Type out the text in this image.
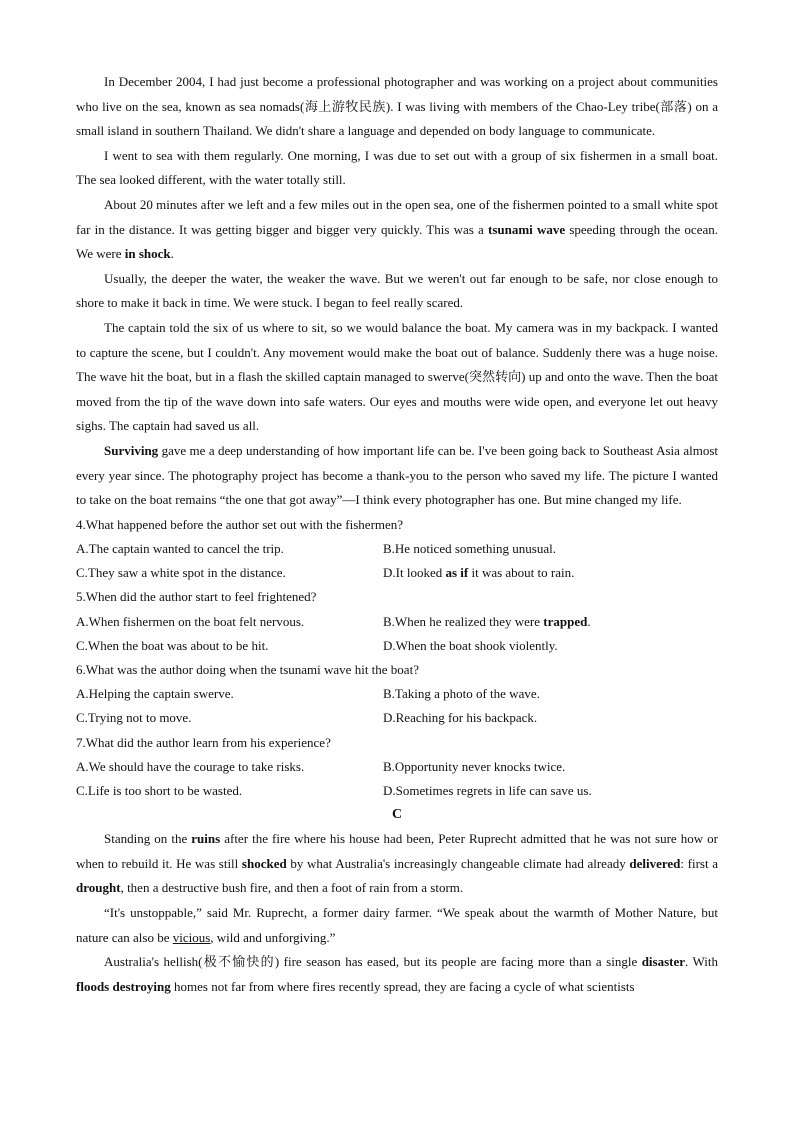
In December 2004, I had just become a professional photographer and was working on a project about communities who live on the sea, known as sea nomads(海上游牧民族). I was living with members of the Chao-Ley tribe(部落) on a small island in southern Thailand. We didn't share a language and depended on body language to communicate.

I went to sea with them regularly. One morning, I was due to set out with a group of six fishermen in a small boat. The sea looked different, with the water totally still.

About 20 minutes after we left and a few miles out in the open sea, one of the fishermen pointed to a small white spot far in the distance. It was getting bigger and bigger very quickly. This was a tsunami wave speeding through the ocean. We were in shock.

Usually, the deeper the water, the weaker the wave. But we weren't out far enough to be safe, nor close enough to shore to make it back in time. We were stuck. I began to feel really scared.

The captain told the six of us where to sit, so we would balance the boat. My camera was in my backpack. I wanted to capture the scene, but I couldn't. Any movement would make the boat out of balance. Suddenly there was a huge noise. The wave hit the boat, but in a flash the skilled captain managed to swerve(突然转向) up and onto the wave. Then the boat moved from the tip of the wave down into safe waters. Our eyes and mouths were wide open, and everyone let out heavy sighs. The captain had saved us all.

Surviving gave me a deep understanding of how important life can be. I've been going back to Southeast Asia almost every year since. The photography project has become a thank-you to the person who saved my life. The picture I wanted to take on the boat remains “the one that got away”—I think every photographer has one. But mine changed my life.

4.What happened before the author set out with the fishermen?

A.The captain wanted to cancel the trip.	B.He noticed something unusual.
C.They saw a white spot in the distance.	D.It looked as if it was about to rain.

5.When did the author start to feel frightened?

A.When fishermen on the boat felt nervous.	B.When he realized they were trapped.
C.When the boat was about to be hit.	D.When the boat shook violently.

6.What was the author doing when the tsunami wave hit the boat?

A.Helping the captain swerve.	B.Taking a photo of the wave.
C.Trying not to move.	D.Reaching for his backpack.

7.What did the author learn from his experience?

A.We should have the courage to take risks.	B.Opportunity never knocks twice.
C.Life is too short to be wasted.	D.Sometimes regrets in life can save us.

C

Standing on the ruins after the fire where his house had been, Peter Ruprecht admitted that he was not sure how or when to rebuild it. He was still shocked by what Australia's increasingly changeable climate had already delivered: first a drought, then a destructive bush fire, and then a foot of rain from a storm.

“It's unstoppable,” said Mr. Ruprecht, a former dairy farmer. “We speak about the warmth of Mother Nature, but nature can also be vicious, wild and unforgiving.”

Australia's hellish(极不愉快的) fire season has eased, but its people are facing more than a single disaster. With floods destroying homes not far from where fires recently spread, they are facing a cycle of what scientists
